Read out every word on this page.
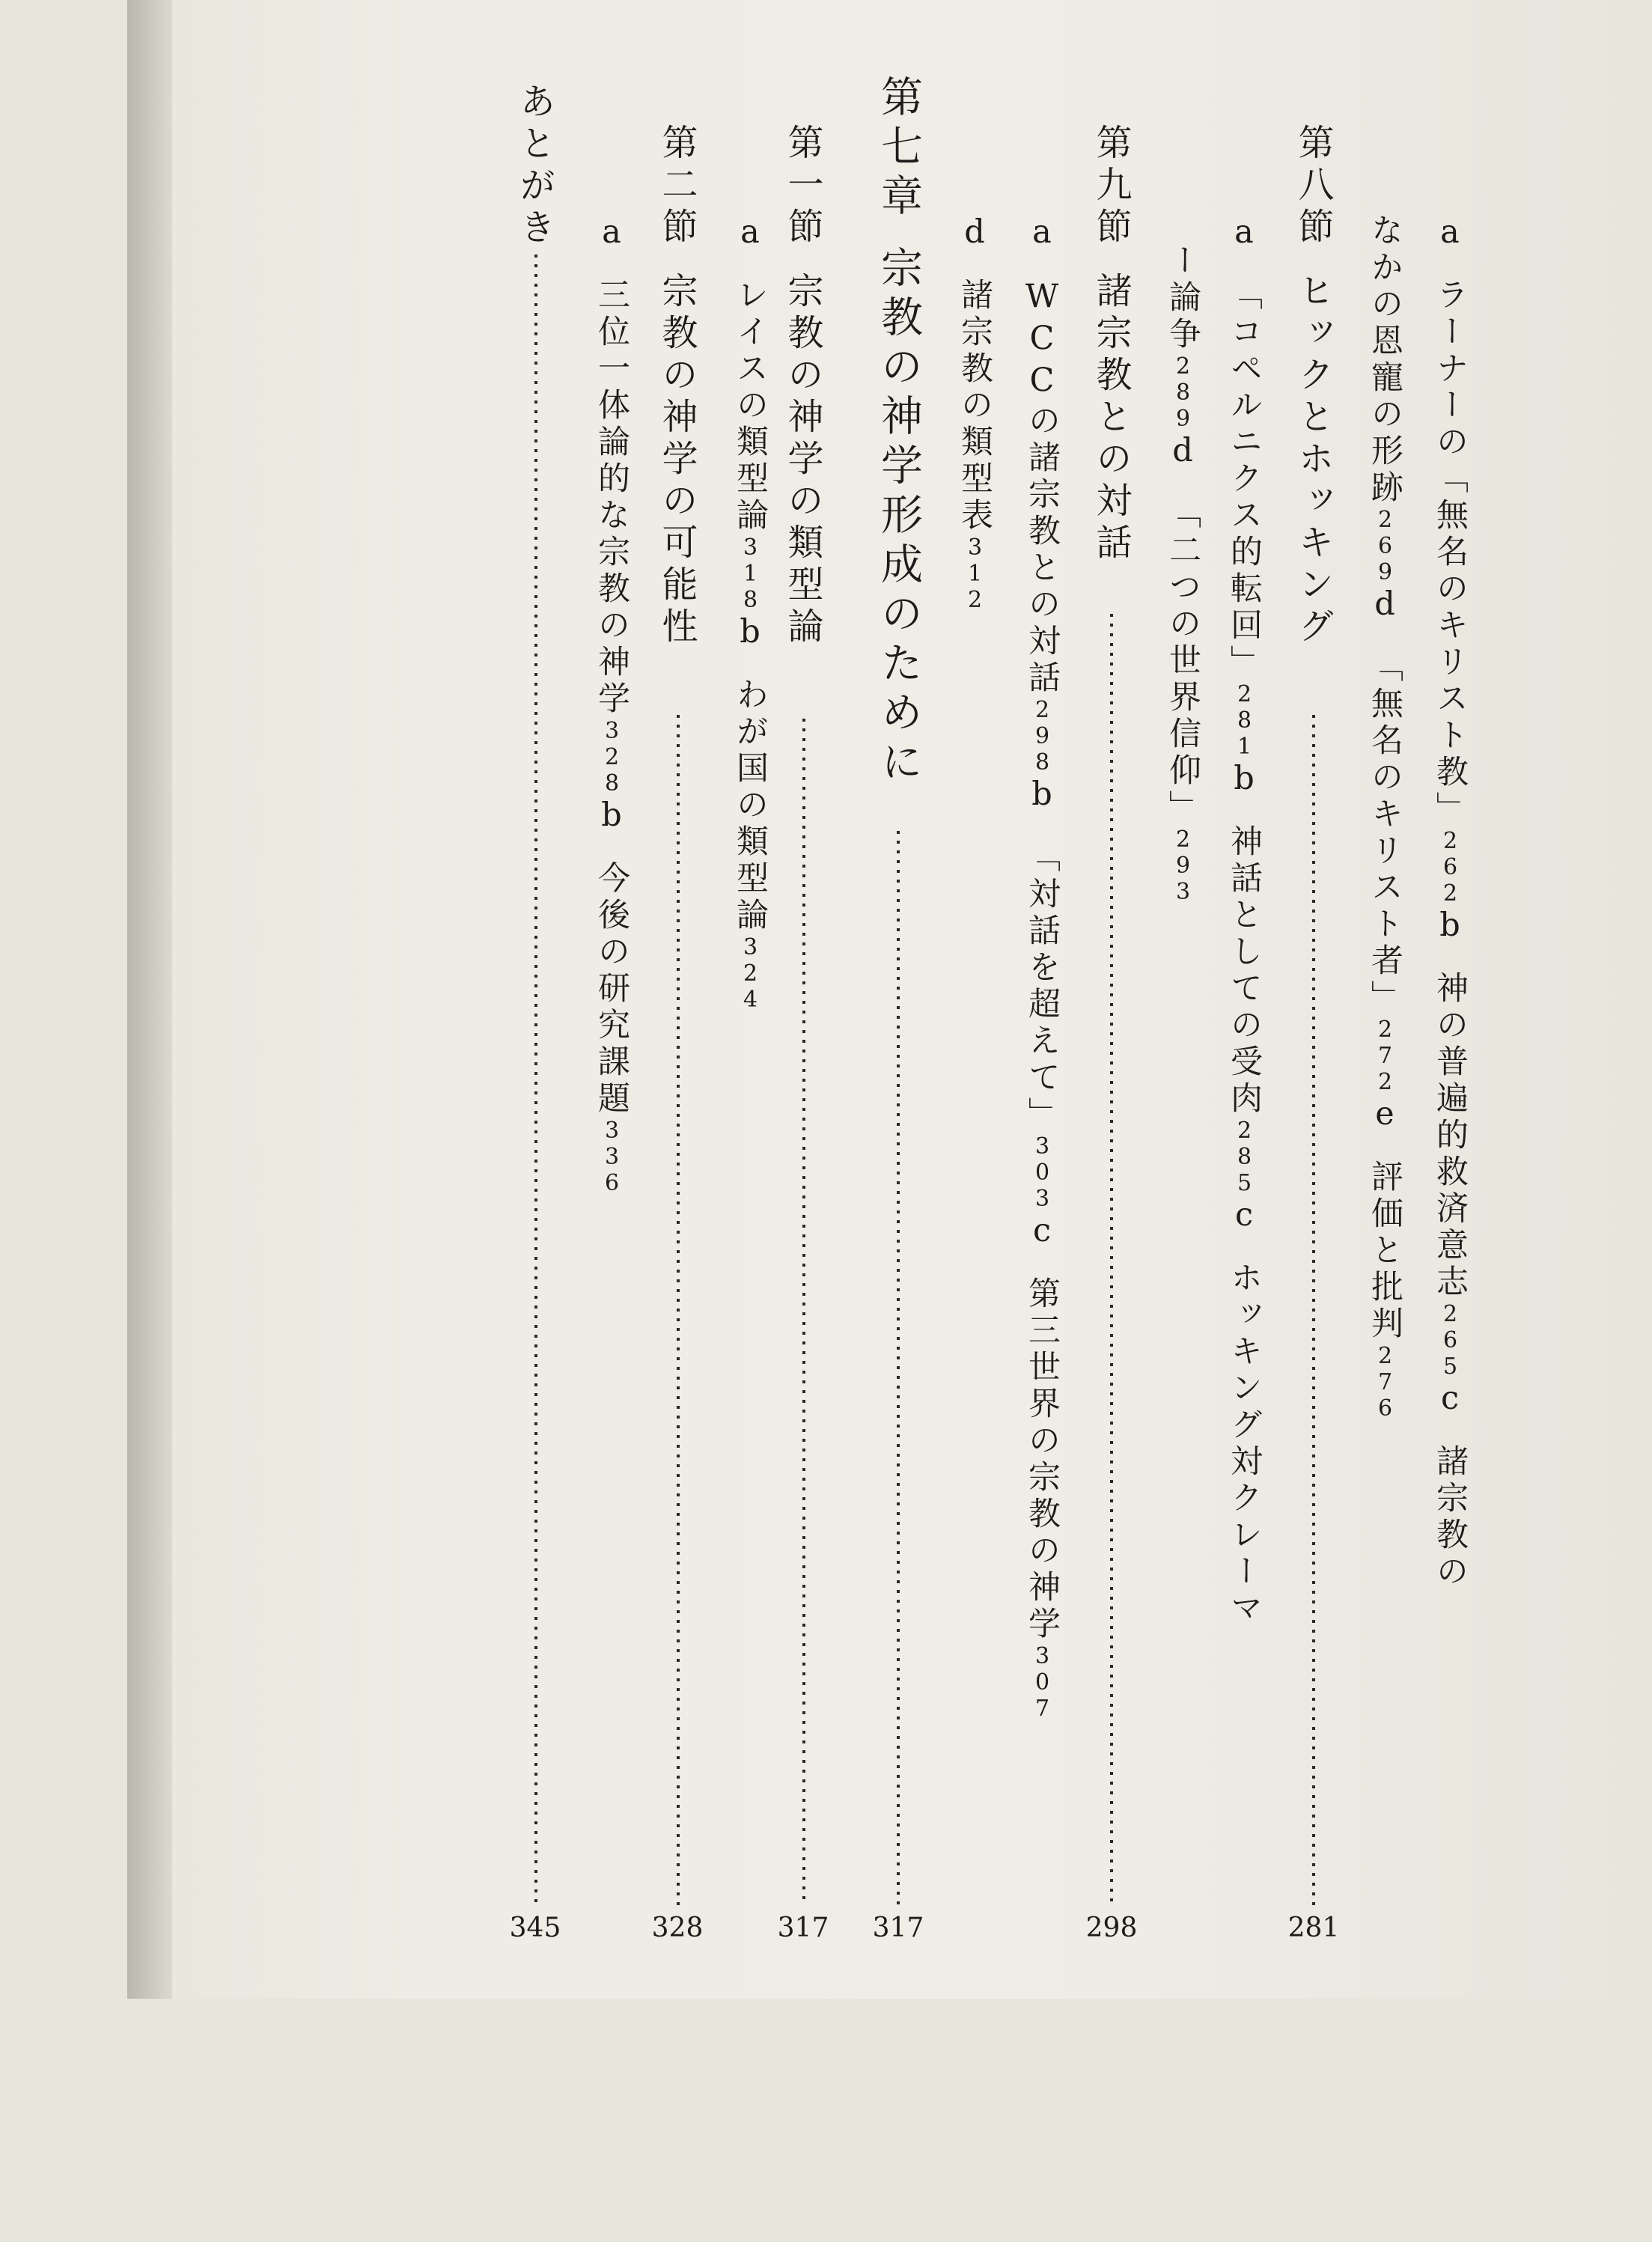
aラーナーの「無名のキリスト教」262b神の普遍的救済意志265c諸宗教の
なかの恩寵の形跡269d「無名のキリスト者」272e評価と批判276
第八節ヒックとホッキング
281
a「コペルニクス的転回」281b神話としての受肉285cホッキング対クレーマ
ー論争289d「二つの世界信仰」293
第九節諸宗教との対話
298
aWCCの諸宗教との対話298b「対話を超えて」303c第三世界の宗教の神学307
d諸宗教の類型表312
第七章宗教の神学形成のために
317
第一節宗教の神学の類型論
317
aレイスの類型論318bわが国の類型論324
第二節宗教の神学の可能性
328
a三位一体論的な宗教の神学328b今後の研究課題336
あとがき
345
